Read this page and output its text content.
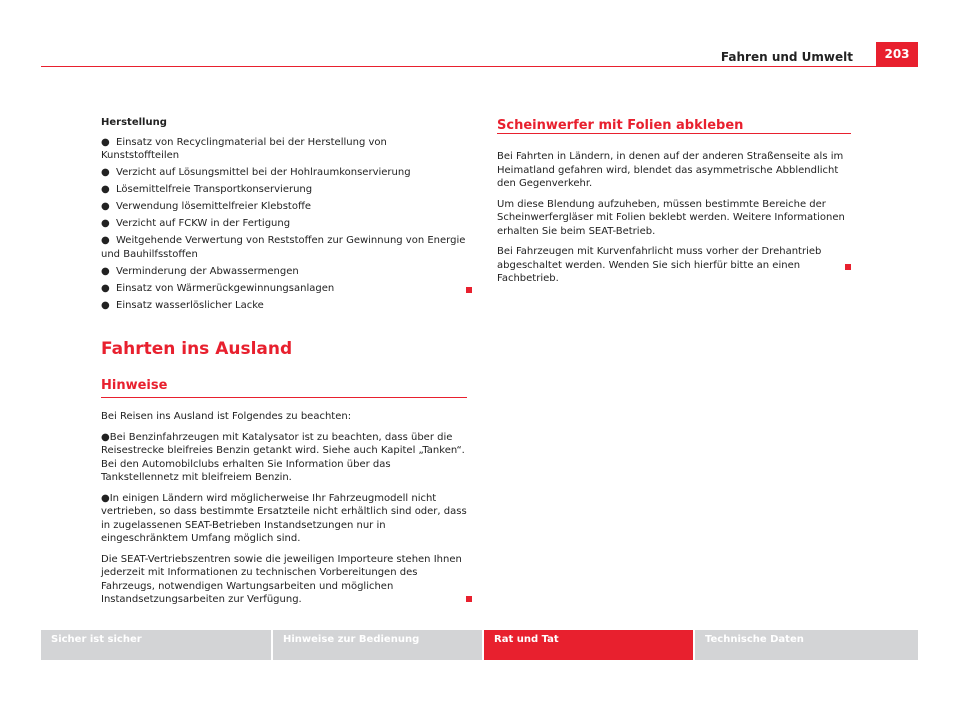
Fahren und Umwelt	203
Herstellung
● Einsatz von Recyclingmaterial bei der Herstellung von Kunststoffteilen
● Verzicht auf Lösungsmittel bei der Hohlraumkonservierung
● Lösemittelfreie Transportkonservierung
● Verwendung lösemittelfreier Klebstoffe
● Verzicht auf FCKW in der Fertigung
● Weitgehende Verwertung von Reststoffen zur Gewinnung von Energie und Bauhilfsstoffen
● Verminderung der Abwassermengen
● Einsatz von Wärmerückgewinnungsanlagen
● Einsatz wasserlöslicher Lacke
Fahrten ins Ausland
Hinweise
Bei Reisen ins Ausland ist Folgendes zu beachten:
●Bei Benzinfahrzeugen mit Katalysator ist zu beachten, dass über die Reisestrecke bleifreies Benzin getankt wird. Siehe auch Kapitel „Tanken“. Bei den Automobilclubs erhalten Sie Information über das Tankstellennetz mit bleifreiem Benzin.
●In einigen Ländern wird möglicherweise Ihr Fahrzeugmodell nicht vertrieben, so dass bestimmte Ersatzteile nicht erhältlich sind oder, dass in zugelassenen SEAT-Betrieben Instandsetzungen nur in eingeschränktem Umfang möglich sind.
Die SEAT-Vertriebszentren sowie die jeweiligen Importeure stehen Ihnen jederzeit mit Informationen zu technischen Vorbereitungen des Fahrzeugs, notwendigen Wartungsarbeiten und möglichen Instandsetzungsarbeiten zur Verfügung.
Scheinwerfer mit Folien abkleben
Bei Fahrten in Ländern, in denen auf der anderen Straßenseite als im Heimatland gefahren wird, blendet das asymmetrische Abblendlicht den Gegenverkehr.
Um diese Blendung aufzuheben, müssen bestimmte Bereiche der Scheinwerfergläser mit Folien beklebt werden. Weitere Informationen erhalten Sie beim SEAT-Betrieb.
Bei Fahrzeugen mit Kurvenfahrlicht muss vorher der Drehantrieb abgeschaltet werden. Wenden Sie sich hierfür bitte an einen Fachbetrieb.
Sicher ist sicher	Hinweise zur Bedienung	Rat und Tat	Technische Daten
